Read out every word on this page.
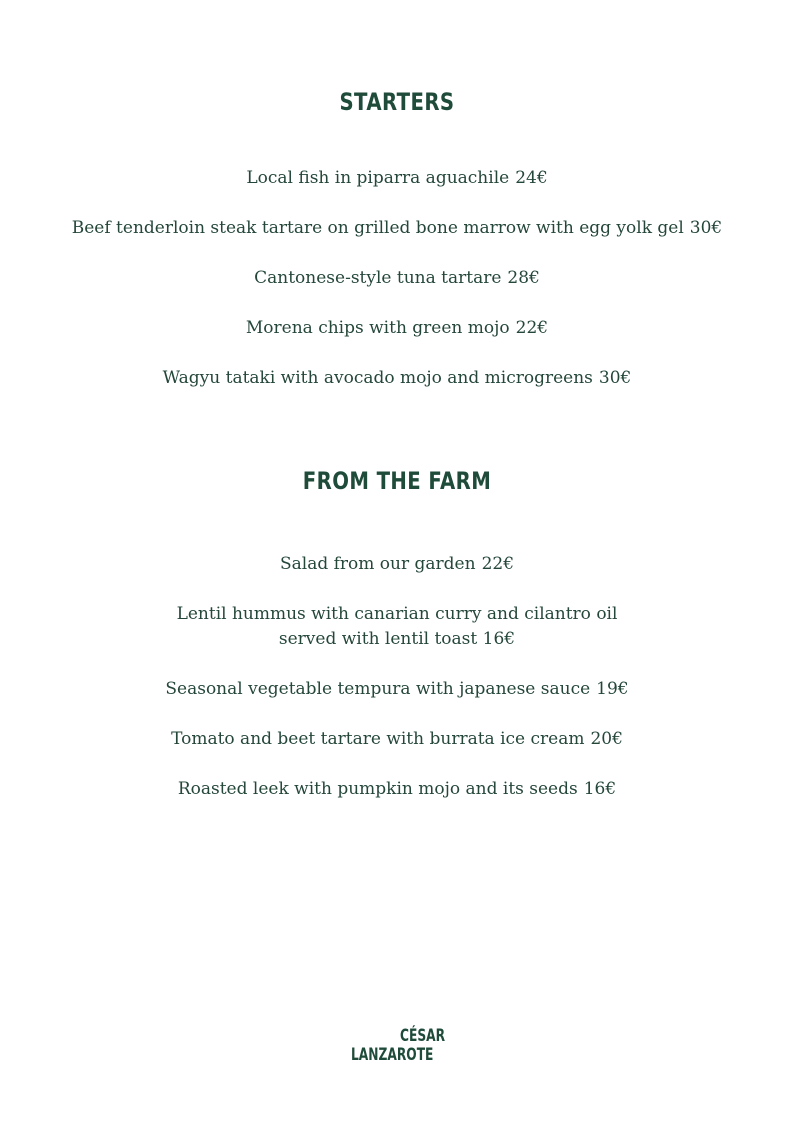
STARTERS
Local fish in piparra aguachile 24€
Beef tenderloin steak tartare on grilled bone marrow with egg yolk gel 30€
Cantonese-style tuna tartare 28€
Morena chips with green mojo 22€
Wagyu tataki with avocado mojo and microgreens 30€
FROM THE FARM
Salad from our garden 22€
Lentil hummus with canarian curry and cilantro oil
served with lentil toast 16€
Seasonal vegetable tempura with japanese sauce 19€
Tomato and beet tartare with burrata ice cream 20€
Roasted leek with pumpkin mojo and its seeds 16€
CÉSAR
LANZAROTE
